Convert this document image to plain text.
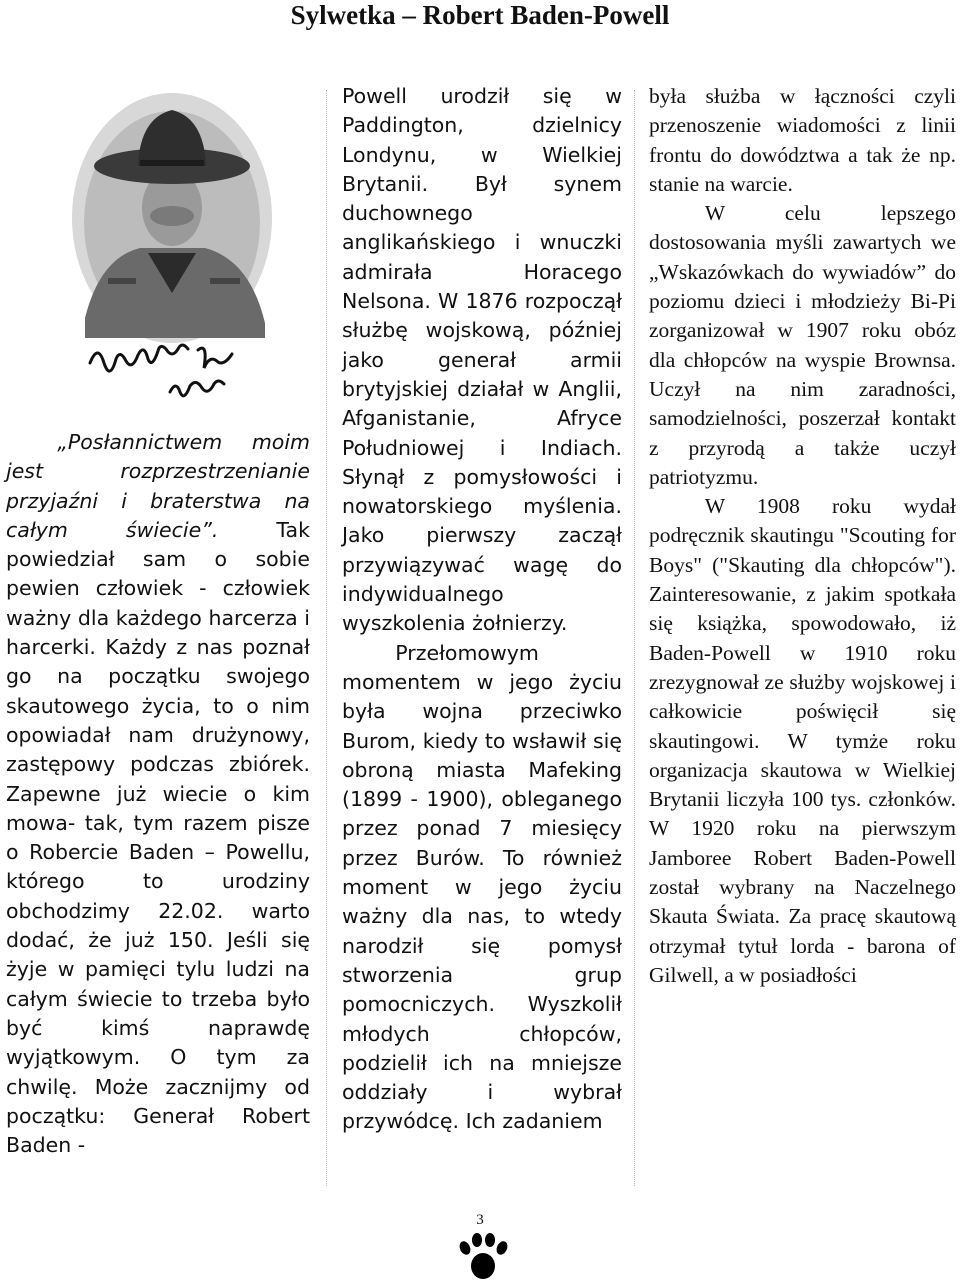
Sylwetka – Robert Baden-Powell

„Posłannictwem moim jest rozprzestrzenianie przyjaźni i braterstwa na całym świecie”. Tak powiedział sam o sobie pewien człowiek - człowiek ważny dla każdego harcerza i harcerki. Każdy z nas poznał go na początku swojego skautowego życia, to o nim opowiadał nam drużynowy, zastępowy podczas zbiórek. Zapewne już wiecie o kim mowa- tak, tym razem pisze o Robercie Baden – Powellu, którego to urodziny obchodzimy 22.02. warto dodać, że już 150. Jeśli się żyje w pamięci tylu ludzi na całym świecie to trzeba było być kimś naprawdę wyjątkowym. O tym za chwilę. Może zacznijmy od początku: Generał Robert Baden -

Powell urodził się w Paddington, dzielnicy Londynu, w Wielkiej Brytanii. Był synem duchownego anglikańskiego i wnuczki admirała Horacego Nelsona. W 1876 rozpoczął służbę wojskową, później jako generał armii brytyjskiej działał w Anglii, Afganistanie, Afryce Południowej i Indiach. Słynął z pomysłowości i nowatorskiego myślenia. Jako pierwszy zaczął przywiązywać wagę do indywidualnego wyszkolenia żołnierzy.

Przełomowym momentem w jego życiu była wojna przeciwko Burom, kiedy to wsławił się obroną miasta Mafeking (1899 - 1900), obleganego przez ponad 7 miesięcy przez Burów. To również moment w jego życiu ważny dla nas, to wtedy narodził się pomysł stworzenia grup pomocniczych. Wyszkolił młodych chłopców, podzielił ich na mniejsze oddziały i wybrał przywódcę. Ich zadaniem

była służba w łączności czyli przenoszenie wiadomości z linii frontu do dowództwa a tak że np. stanie na warcie.

W celu lepszego dostosowania myśli zawartych we „Wskazówkach do wywiadów” do poziomu dzieci i młodzieży Bi-Pi zorganizował w 1907 roku obóz dla chłopców na wyspie Brownsa. Uczył na nim zaradności, samodzielności, poszerzał kontakt z przyrodą a także uczył patriotyzmu.

W 1908 roku wydał podręcznik skautingu "Scouting for Boys" ("Skauting dla chłopców"). Zainteresowanie, z jakim spotkała się książka, spowodowało, iż Baden-Powell w 1910 roku zrezygnował ze służby wojskowej i całkowicie poświęcił się skautingowi. W tymże roku organizacja skautowa w Wielkiej Brytanii liczyła 100 tys. członków. W 1920 roku na pierwszym Jamboree Robert Baden-Powell został wybrany na Naczelnego Skauta Świata. Za pracę skautową otrzymał tytuł lorda - barona of Gilwell, a w posiadłości

3
